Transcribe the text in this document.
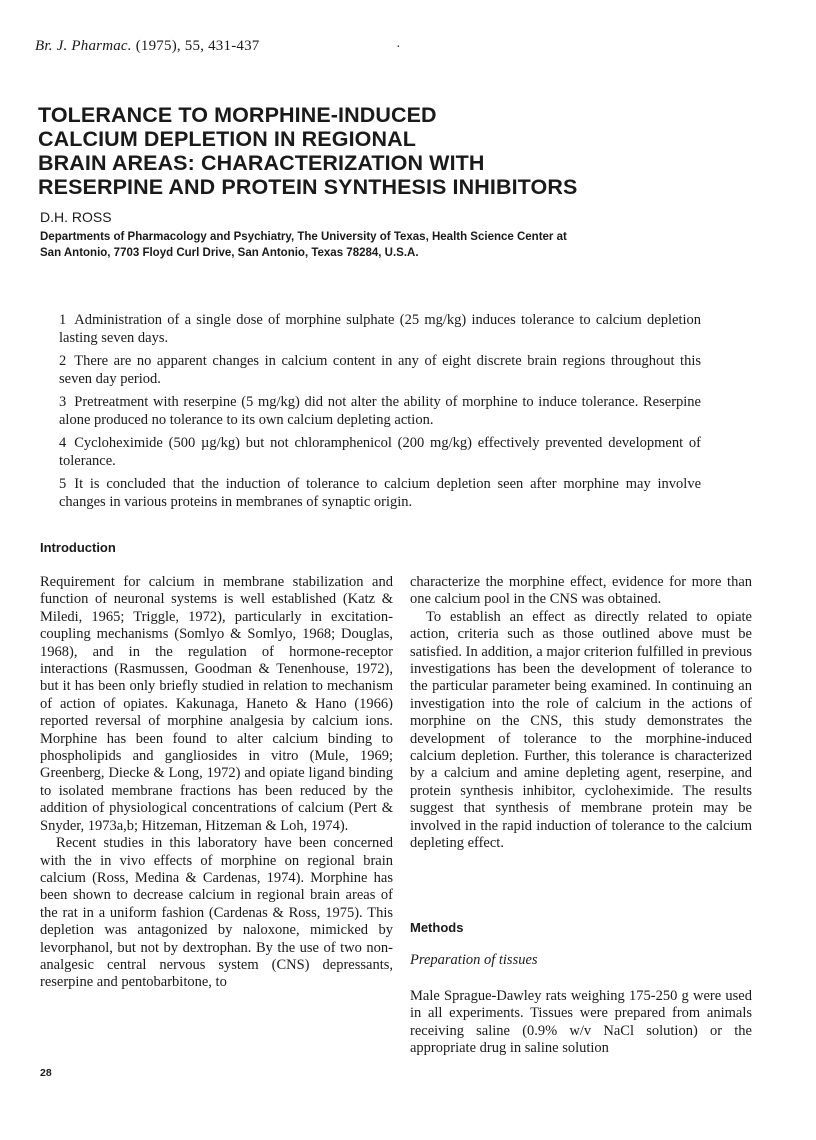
Br. J. Pharmac. (1975), 55, 431-437	·
TOLERANCE TO MORPHINE-INDUCED
CALCIUM DEPLETION IN REGIONAL
BRAIN AREAS: CHARACTERIZATION WITH
RESERPINE AND PROTEIN SYNTHESIS INHIBITORS
D.H. ROSS
Departments of Pharmacology and Psychiatry, The University of Texas, Health Science Center at
San Antonio, 7703 Floyd Curl Drive, San Antonio, Texas 78284, U.S.A.

1 Administration of a single dose of morphine sulphate (25 mg/kg) induces tolerance to calcium depletion lasting seven days.

2 There are no apparent changes in calcium content in any of eight discrete brain regions throughout this seven day period.

3 Pretreatment with reserpine (5 mg/kg) did not alter the ability of morphine to induce tolerance. Reserpine alone produced no tolerance to its own calcium depleting action.

4 Cycloheximide (500 µg/kg) but not chloramphenicol (200 mg/kg) effectively prevented development of tolerance.

5 It is concluded that the induction of tolerance to calcium depletion seen after morphine may involve changes in various proteins in membranes of synaptic origin.

Introduction

Requirement for calcium in membrane stabilization and function of neuronal systems is well established (Katz & Miledi, 1965; Triggle, 1972), particularly in excitation-coupling mechanisms (Somlyo & Somlyo, 1968; Douglas, 1968), and in the regulation of hormone-receptor interactions (Rasmussen, Goodman & Tenenhouse, 1972), but it has been only briefly studied in relation to mechanism of action of opiates. Kakunaga, Haneto & Hano (1966) reported reversal of morphine analgesia by calcium ions. Morphine has been found to alter calcium binding to phospholipids and gangliosides in vitro (Mule, 1969; Greenberg, Diecke & Long, 1972) and opiate ligand binding to isolated membrane fractions has been reduced by the addition of physiological concentrations of calcium (Pert & Snyder, 1973a,b; Hitzeman, Hitzeman & Loh, 1974).

Recent studies in this laboratory have been concerned with the in vivo effects of morphine on regional brain calcium (Ross, Medina & Cardenas, 1974). Morphine has been shown to decrease calcium in regional brain areas of the rat in a uniform fashion (Cardenas & Ross, 1975). This depletion was antagonized by naloxone, mimicked by levorphanol, but not by dextrophan. By the use of two non-analgesic central nervous system (CNS) depressants, reserpine and pentobarbitone, to

characterize the morphine effect, evidence for more than one calcium pool in the CNS was obtained.

To establish an effect as directly related to opiate action, criteria such as those outlined above must be satisfied. In addition, a major criterion fulfilled in previous investigations has been the development of tolerance to the particular parameter being examined. In continuing an investigation into the role of calcium in the actions of morphine on the CNS, this study demonstrates the development of tolerance to the morphine-induced calcium depletion. Further, this tolerance is characterized by a calcium and amine depleting agent, reserpine, and protein synthesis inhibitor, cycloheximide. The results suggest that synthesis of membrane protein may be involved in the rapid induction of tolerance to the calcium depleting effect.

Methods
Preparation of tissues

Male Sprague-Dawley rats weighing 175-250 g were used in all experiments. Tissues were prepared from animals receiving saline (0.9% w/v NaCl solution) or the appropriate drug in saline solution

28
